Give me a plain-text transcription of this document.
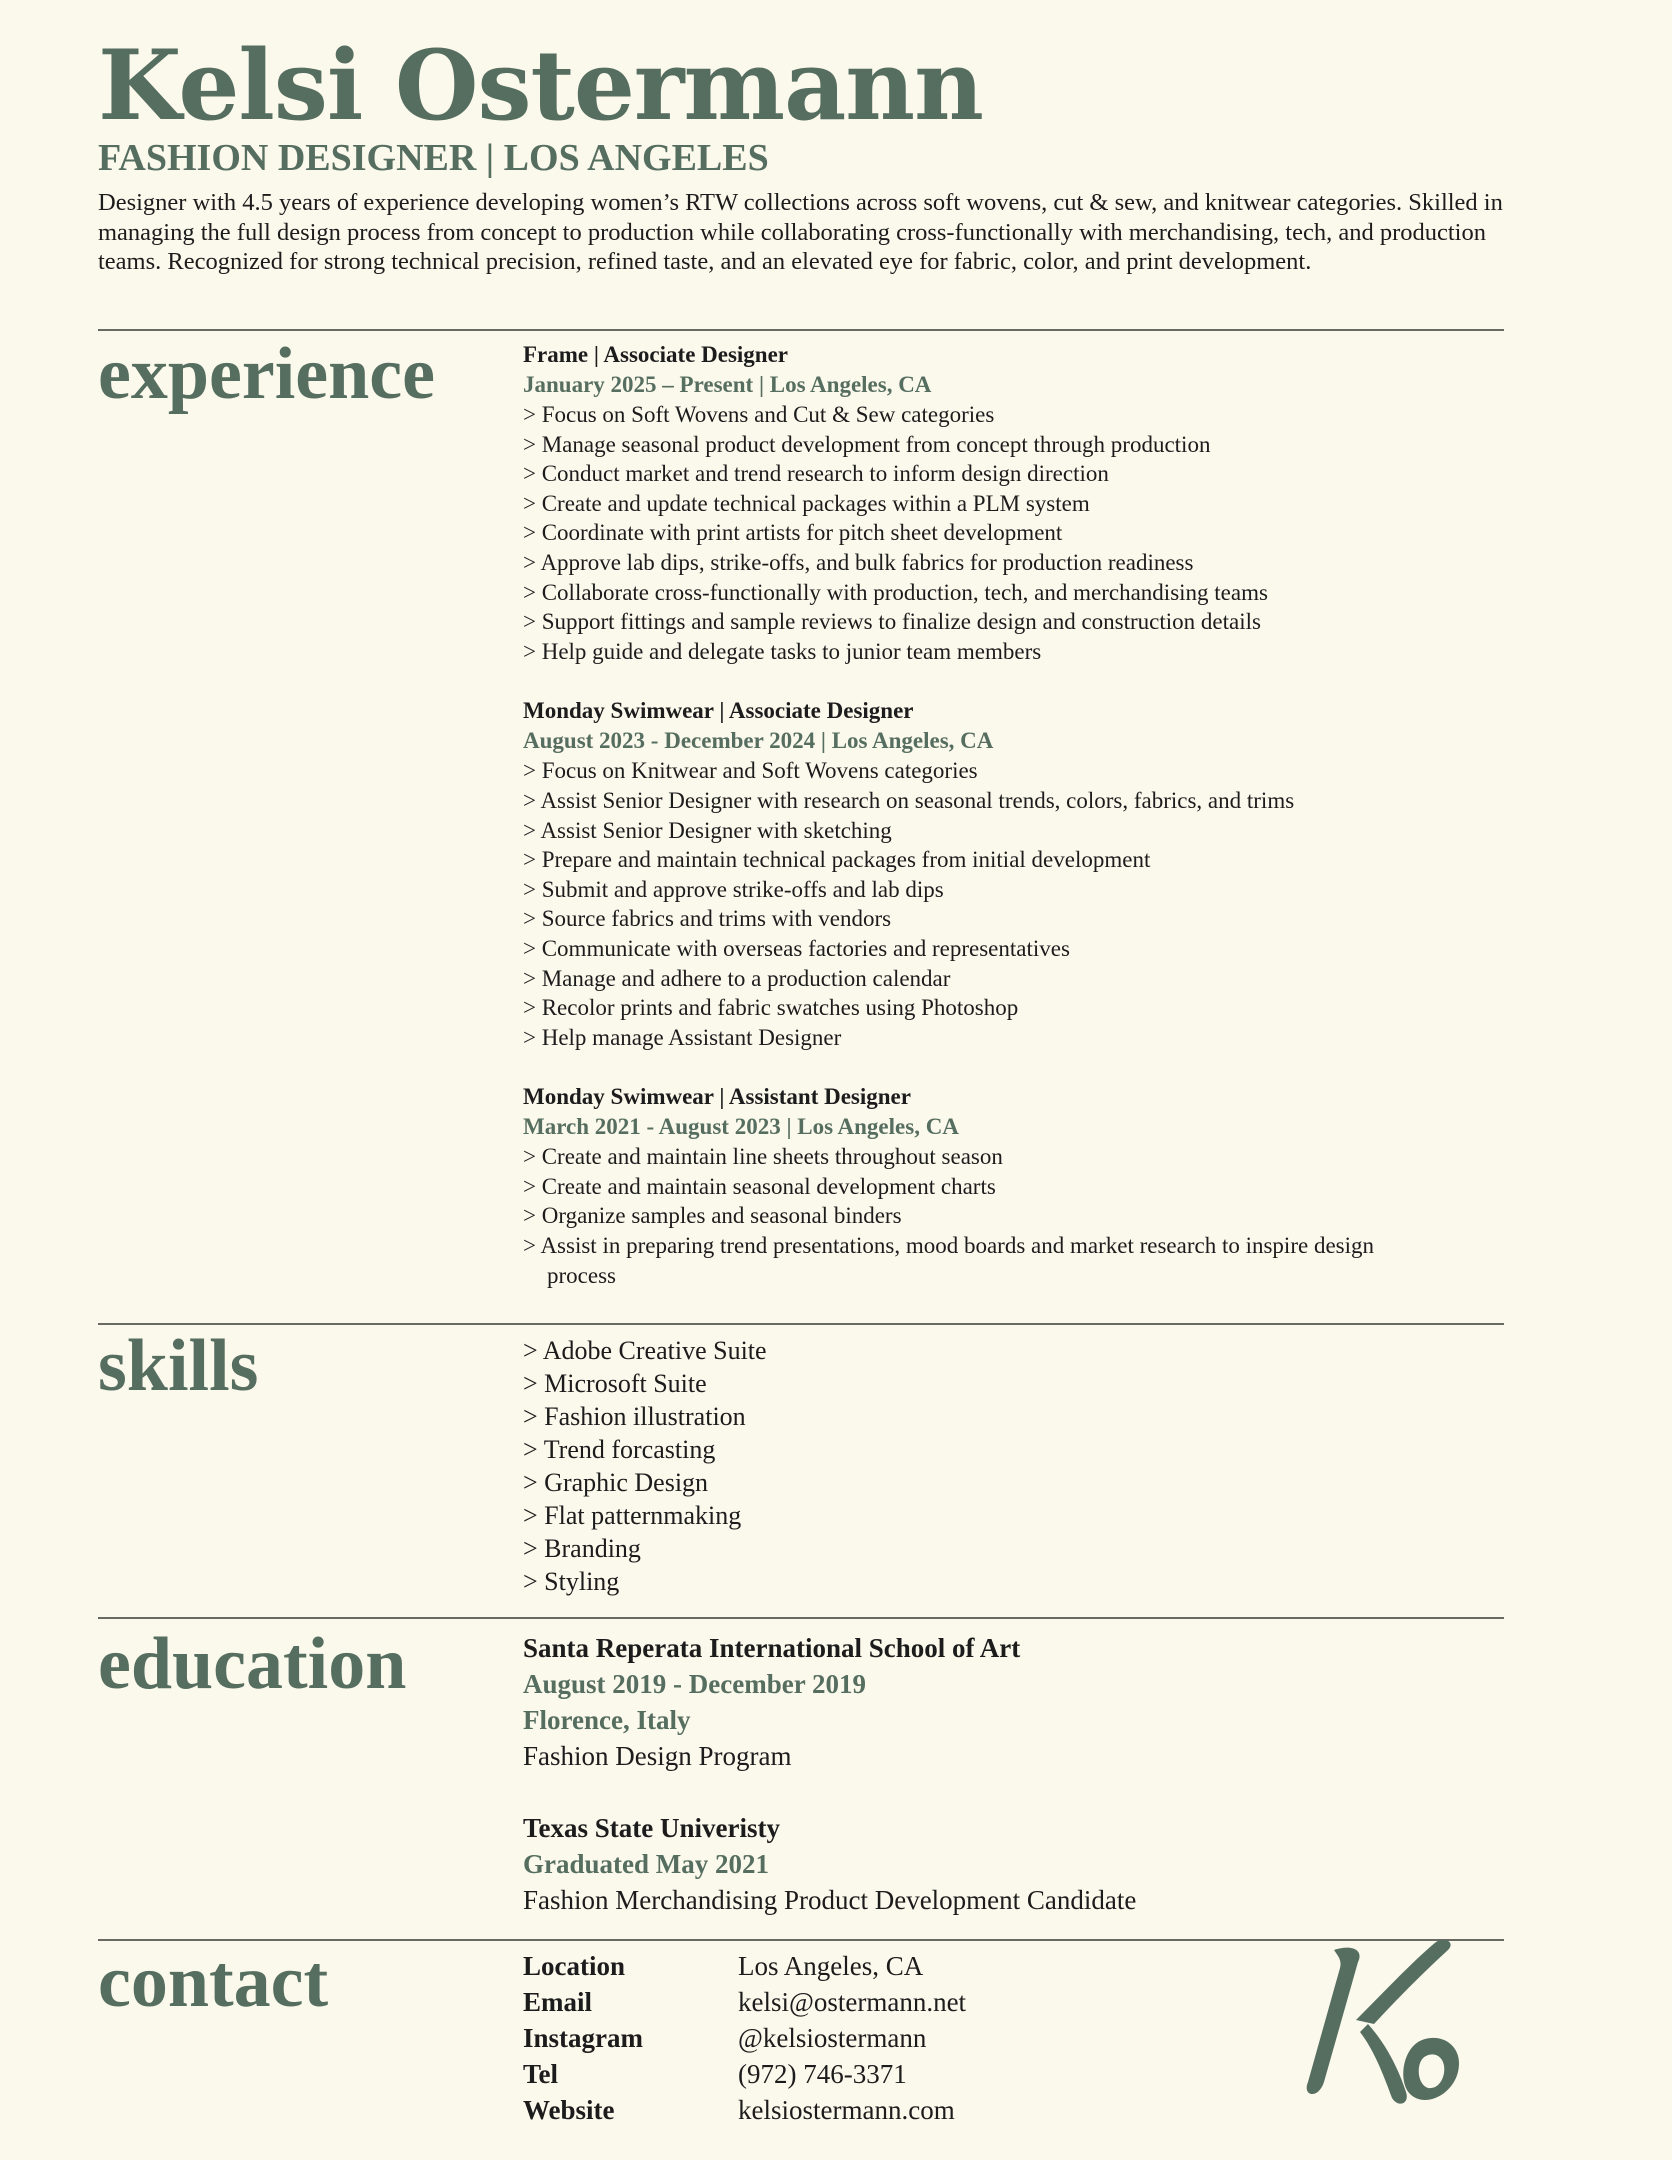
Kelsi Ostermann
FASHION DESIGNER | LOS ANGELES
Designer with 4.5 years of experience developing women’s RTW collections across soft wovens, cut & sew, and knitwear categories. Skilled in managing the full design process from concept to production while collaborating cross-functionally with merchandising, tech, and production teams. Recognized for strong technical precision, refined taste, and an elevated eye for fabric, color, and print development.
experience	Frame | Associate Designer
January 2025 – Present | Los Angeles, CA
> Focus on Soft Wovens and Cut & Sew categories
> Manage seasonal product development from concept through production
> Conduct market and trend research to inform design direction
> Create and update technical packages within a PLM system
> Coordinate with print artists for pitch sheet development
> Approve lab dips, strike-offs, and bulk fabrics for production readiness
> Collaborate cross-functionally with production, tech, and merchandising teams
> Support fittings and sample reviews to finalize design and construction details
> Help guide and delegate tasks to junior team members
Monday Swimwear | Associate Designer
August 2023 - December 2024 | Los Angeles, CA
> Focus on Knitwear and Soft Wovens categories
> Assist Senior Designer with research on seasonal trends, colors, fabrics, and trims
> Assist Senior Designer with sketching
> Prepare and maintain technical packages from initial development
> Submit and approve strike-offs and lab dips
> Source fabrics and trims with vendors
> Communicate with overseas factories and representatives
> Manage and adhere to a production calendar
> Recolor prints and fabric swatches using Photoshop
> Help manage Assistant Designer
Monday Swimwear | Assistant Designer
March 2021 - August 2023 | Los Angeles, CA
> Create and maintain line sheets throughout season
> Create and maintain seasonal development charts
> Organize samples and seasonal binders
> Assist in preparing trend presentations, mood boards and market research to inspire design process
skills	> Adobe Creative Suite
> Microsoft Suite
> Fashion illustration
> Trend forcasting
> Graphic Design
> Flat patternmaking
> Branding
> Styling
education	Santa Reperata International School of Art
August 2019 - December 2019
Florence, Italy
Fashion Design Program
Texas State Univeristy
Graduated May 2021
Fashion Merchandising Product Development Candidate
contact	Location	Los Angeles, CA
Email	kelsi@ostermann.net
Instagram	@kelsiostermann
Tel	(972) 746-3371
Website	kelsiostermann.com
